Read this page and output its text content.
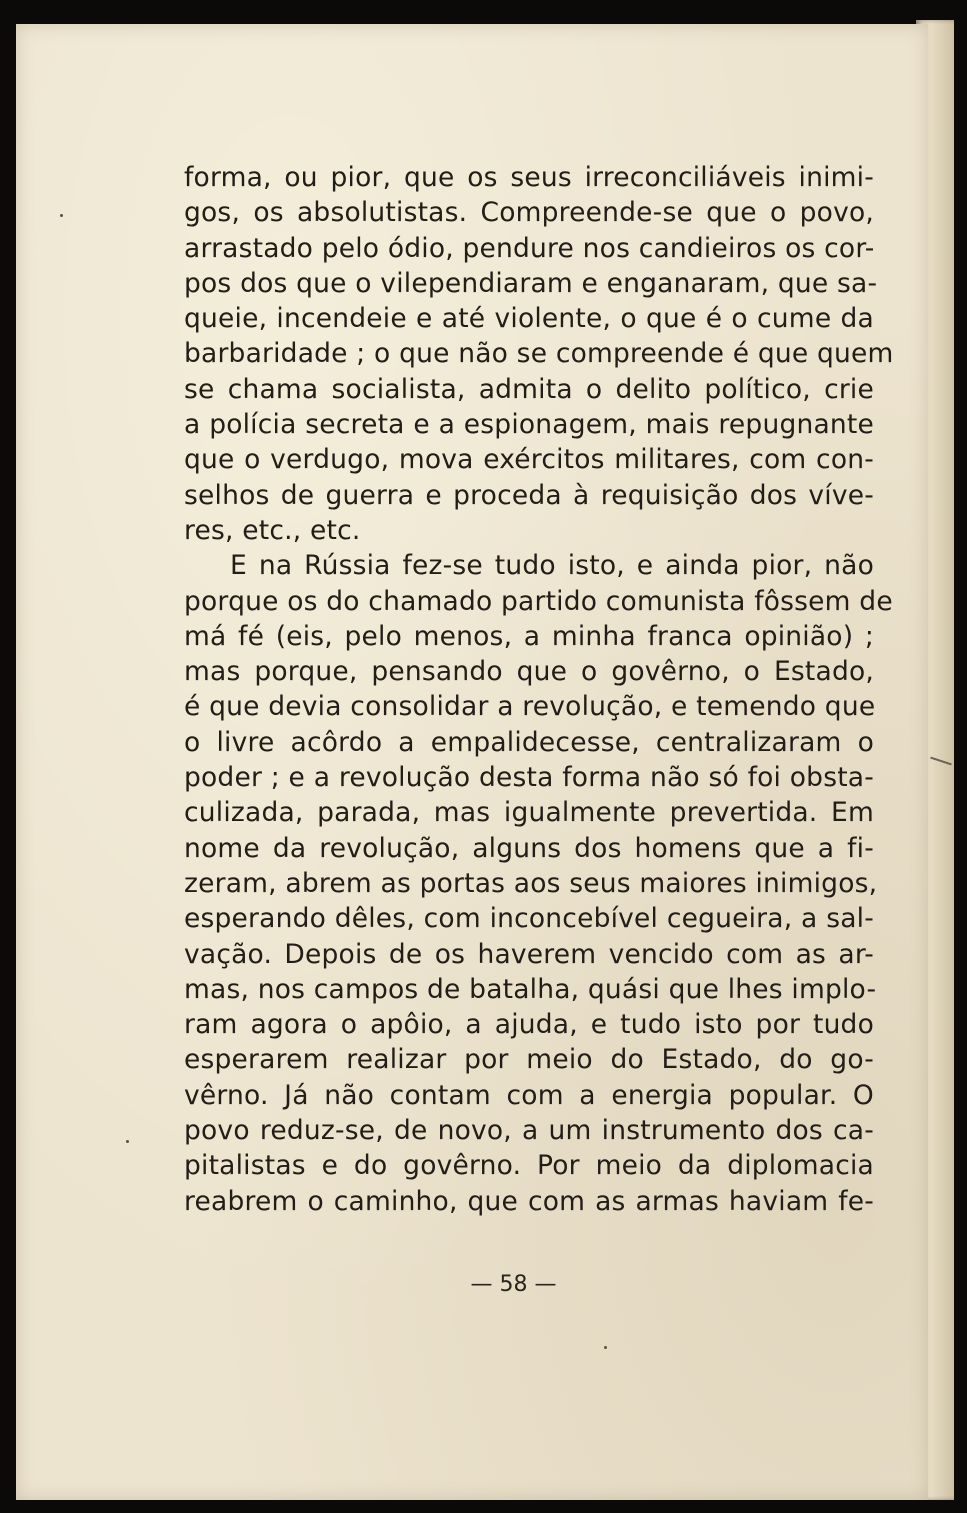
forma, ou pior, que os seus irreconciliáveis inimi-
gos, os absolutistas. Compreende-se que o povo,
arrastado pelo ódio, pendure nos candieiros os cor-
pos dos que o vilependiaram e enganaram, que sa-
queie, incendeie e até violente, o que é o cume da
barbaridade ; o que não se compreende é que quem
se chama socialista, admita o delito político, crie
a polícia secreta e a espionagem, mais repugnante
que o verdugo, mova exércitos militares, com con-
selhos de guerra e proceda à requisição dos víve-
res, etc., etc.
E na Rússia fez-se tudo isto, e ainda pior, não
porque os do chamado partido comunista fôssem de
má fé (eis, pelo menos, a minha franca opinião) ;
mas porque, pensando que o govêrno, o Estado,
é que devia consolidar a revolução, e temendo que
o livre acôrdo a empalidecesse, centralizaram o
poder ; e a revolução desta forma não só foi obsta-
culizada, parada, mas igualmente prevertida. Em
nome da revolução, alguns dos homens que a fi-
zeram, abrem as portas aos seus maiores inimigos,
esperando dêles, com inconcebível cegueira, a sal-
vação. Depois de os haverem vencido com as ar-
mas, nos campos de batalha, quási que lhes implo-
ram agora o apôio, a ajuda, e tudo isto por tudo
esperarem realizar por meio do Estado, do go-
vêrno. Já não contam com a energia popular. O
povo reduz-se, de novo, a um instrumento dos ca-
pitalistas e do govêrno. Por meio da diplomacia
reabrem o caminho, que com as armas haviam fe-
— 58 —
